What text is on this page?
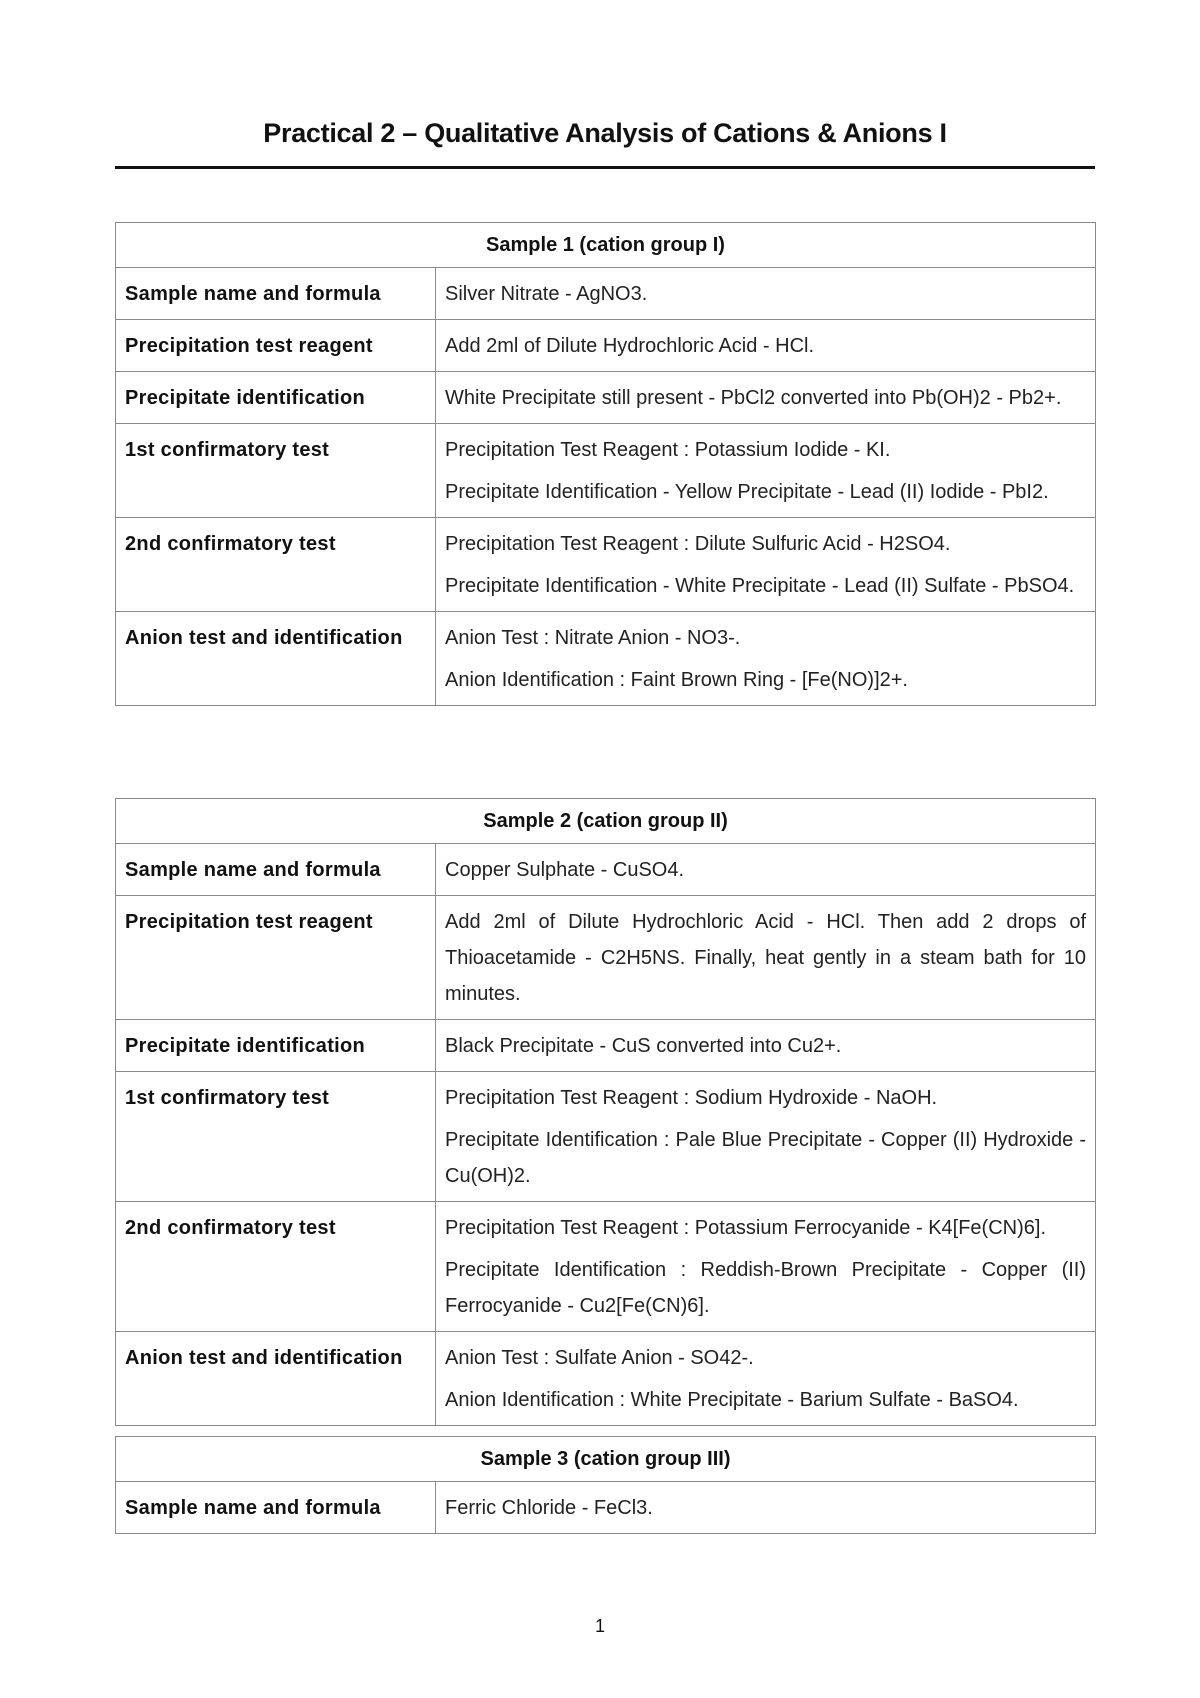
Practical 2 – Qualitative Analysis of Cations & Anions I
Sample 1 (cation group I)	
Sample name and formula	Silver Nitrate - AgNO3.

Precipitation test reagent	Add 2ml of Dilute Hydrochloric Acid - HCl.

Precipitate identification	White Precipitate still present - PbCl2 converted into Pb(OH)2 - Pb2+.

1st confirmatory test	Precipitation Test Reagent : Potassium Iodide - KI.

Precipitate Identification - Yellow Precipitate - Lead (II) Iodide - PbI2.

2nd confirmatory test	Precipitation Test Reagent : Dilute Sulfuric Acid - H2SO4.

Precipitate Identification - White Precipitate - Lead (II) Sulfate - PbSO4.

Anion test and identification	Anion Test : Nitrate Anion - NO3-.

Anion Identification : Faint Brown Ring - [Fe(NO)]2+.

Sample 2 (cation group II)	
Sample name and formula	Copper Sulphate - CuSO4.

Precipitation test reagent	Add 2ml of Dilute Hydrochloric Acid - HCl. Then add 2 drops of Thioacetamide - C2H5NS. Finally, heat gently in a steam bath for 10 minutes.

Precipitate identification	Black Precipitate - CuS converted into Cu2+.

1st confirmatory test	Precipitation Test Reagent : Sodium Hydroxide - NaOH.

Precipitate Identification : Pale Blue Precipitate - Copper (II) Hydroxide - Cu(OH)2.

2nd confirmatory test	Precipitation Test Reagent : Potassium Ferrocyanide - K4[Fe(CN)6].

Precipitate Identification : Reddish-Brown Precipitate - Copper (II) Ferrocyanide - Cu2[Fe(CN)6].

Anion test and identification	Anion Test : Sulfate Anion - SO42-.

Anion Identification : White Precipitate - Barium Sulfate - BaSO4.

Sample 3 (cation group III)
Sample name and formula	Ferric Chloride - FeCl3.

1
